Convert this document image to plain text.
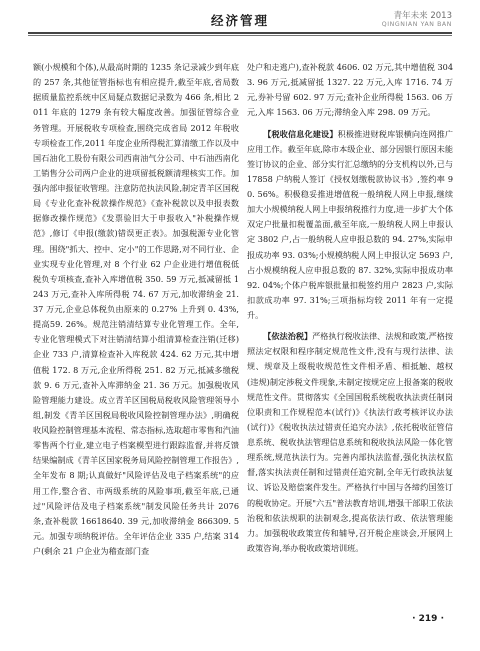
经济管理	青年未来 2013
QINGNIAN YAN BAN

额(小规模和个体),从最高时期的 1235 条记录减少到年底的 257 条,其他征管指标也有相应提升,截至年底,省局数据质量监控系统中区局疑点数据记录数为 466 条,相比 2011 年底的 1279 条有较大幅度改善。加强征管综合业务管理。开展税收专项检查,围绕完成省局 2012 年税收专项检查工作,2011 年度企业所得税汇算清缴工作以及中国石油化工股份有限公司西南油气分公司、中石油西南化工销售分公司两户企业的进项留抵税额清理核实工作。加强内部申报征收管理。注意防范执法风险,制定青羊区国税局《专业化查补税款操作规范》《查补税款以及申报表数据修改操作规范》《发票验旧大于申报收入"补税操作规范》,修订《申报(缴款)错误更正表》。加强税源专业化管理。围绕"抓大、控中、定小"的工作思路,对不同行业、企业实现专业化管理,对 8 个行业 62 户企业进行增值税低税负专项核查,查补入库增值税 350. 59 万元,抵减留抵 1243 万元,查补入库所得税 74. 67 万元,加收滞纳金 21. 37 万元,企业总体税负由原来的 0.27% 上升到 0. 43%,提高59. 26%。规范注销清结算专业化管理工作。全年,专业化管理模式下对注销清结算小组清算检查注销(迁移)企业 733 户,清算检查补入库税款 424. 62 万元,其中增值税 172. 8 万元,企业所得税 251. 82 万元,抵减多缴税款 9. 6 万元,查补入库滞纳金 21. 36 万元。加强税收风险管理能力建设。成立青羊区国税局税收风险管理领导小组,制发《青羊区国税局税收风险控制管理办法》,明确税收风险控制管理基本流程、常态指标,选取超市零售和汽油零售两个行业,建立电子档案模型进行跟踪监督,并将反馈结果编制成《青羊区国家税务局风险控制管理工作报告》,全年发布 8 期;认真做好"风险评估及电子档案系统"的应用工作,整合省、市两级系统的风险事项,截至年底,已通过"风险评估及电子档案系统"制发风险任务共计 2076 条,查补税款 16618640. 39 元,加收滞纳金 866309. 5 元。加强专项纳税评估。全年评估企业 335 户,结案 314 户(剩余 21 户企业为稽查部门查

处户和走逃户),查补税款 4606. 02 万元,其中增值税 3043. 96 万元,抵减留抵 1327. 22 万元,入库 1716. 74 万元,券补号留 602. 97 万元;查补企业所得税 1563. 06 万元,入库 1563. 06 万元;滞纳金入库 298. 09 万元。

【税收信息化建设】积极推进财税库银横向连网推广应用工作。截至年底,除市本级企业、部分因银行原因未能签订协议的企业、部分实行汇总缴纳的分支机构以外,已与 17858 户纳税人签订《授权划缴税款协议书》,签约率 90. 56%。积极稳妥推进增值税一般纳税人网上申报,继续加大小规模纳税人网上申报纳税推行力度,进一步扩大个体双定户批量扣税覆盖面,截至年底,一般纳税人网上申报认定 3802 户,占一般纳税人应申报总数的 94. 27%,实际申报成功率 93. 03%;小规模纳税人网上申报认定 5693 户,占小规模纳税人应申报总数的 87. 32%,实际申报成功率 92. 04%;个体户税库银批量扣税签约用户 2823 户,实际扣款成功率 97. 31%;三项指标均较 2011 年有一定提升。

【依法治税】严格执行税收法律、法规和政策,严格按照法定权限和程序制定规范性文件,没有与现行法律、法规、规章及上级税收规范性文件相矛盾、相抵触、越权(违规)制定涉税文件现象,未制定按规定应上报备案的税收规范性文件。贯彻落实《全国国税系统税收执法责任制岗位职责和工作规程范本(试行)》《执法行政考核评议办法(试行)》《税收执法过错责任追究办法》,依托税收征管信息系统、税收执法管理信息系统和税收执法风险一体化管理系统,规范执法行为。完善内部执法监督,强化执法权监督,落实执法责任制和过错责任追究制,全年无行政执法复议、诉讼及赔偿案件发生。严格执行中国与各缔约国签订的税收协定。开展"六五"普法教育培训,增强干部职工依法治税和依法规职的法制观念,提高依法行政、依法管理能力。加强税收政策宣传和辅导,召开税企座谈会,开展网上政策咨询,举办税收政策培训班。

· 219 ·
